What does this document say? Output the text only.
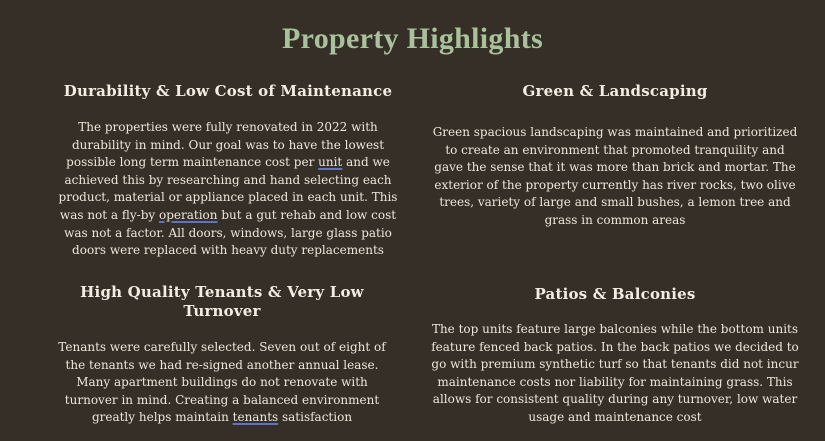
Property Highlights
Durability & Low Cost of Maintenance

The properties were fully renovated in 2022 with durability in mind. Our goal was to have the lowest possible long term maintenance cost per unit and we achieved this by researching and hand selecting each product, material or appliance placed in each unit. This was not a fly-by operation but a gut rehab and low cost was not a factor. All doors, windows, large glass patio doors were replaced with heavy duty replacements

Green & Landscaping

Green spacious landscaping was maintained and prioritized to create an environment that promoted tranquility and gave the sense that it was more than brick and mortar. The exterior of the property currently has river rocks, two olive trees, variety of large and small bushes, a lemon tree and grass in common areas

High Quality Tenants & Very Low Turnover

Tenants were carefully selected. Seven out of eight of the tenants we had re-signed another annual lease. Many apartment buildings do not renovate with turnover in mind. Creating a balanced environment greatly helps maintain tenants satisfaction

Patios & Balconies

The top units feature large balconies while the bottom units feature fenced back patios. In the back patios we decided to go with premium synthetic turf so that tenants did not incur maintenance costs nor liability for maintaining grass. This allows for consistent quality during any turnover, low water usage and maintenance cost
